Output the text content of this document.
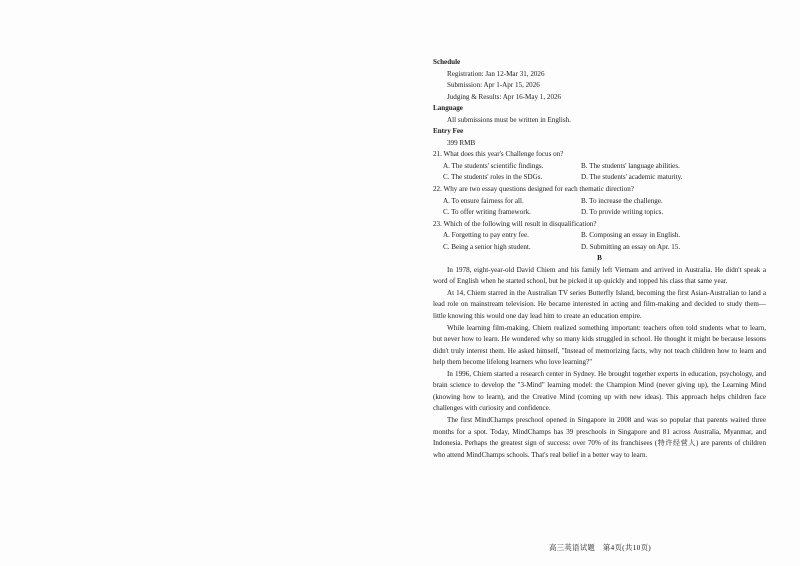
Schedule
Registration: Jan 12-Mar 31, 2026
Submission: Apr 1-Apr 15, 2026
Judging & Results: Apr 16-May 1, 2026
Language
All submissions must be written in English.
Entry Fee
399 RMB
21. What does this year's Challenge focus on?
A. The students' scientific findings.	B. The students' language abilities.
C. The students' roles in the SDGs.	D. The students' academic maturity.
22. Why are two essay questions designed for each thematic direction?
A. To ensure fairness for all.	B. To increase the challenge.
C. To offer writing framework.	D. To provide writing topics.
23. Which of the following will result in disqualification?
A. Forgetting to pay entry fee.	B. Composing an essay in English.
C. Being a senior high student.	D. Submitting an essay on Apr. 15.
B
In 1978, eight-year-old David Chiem and his family left Vietnam and arrived in Australia. He didn't speak a word of English when he started school, but he picked it up quickly and topped his class that same year.
At 14, Chiem starred in the Australian TV series Butterfly Island, becoming the first Asian-Australian to land a lead role on mainstream television. He became interested in acting and film-making and decided to study them—little knowing this would one day lead him to create an education empire.
While learning film-making, Chiem realized something important: teachers often told students what to learn, but never how to learn. He wondered why so many kids struggled in school. He thought it might be because lessons didn't truly interest them. He asked himself, "Instead of memorizing facts, why not teach children how to learn and help them become lifelong learners who love learning?"
In 1996, Chiem started a research center in Sydney. He brought together experts in education, psychology, and brain science to develop the "3-Mind" learning model: the Champion Mind (never giving up), the Learning Mind (knowing how to learn), and the Creative Mind (coming up with new ideas). This approach helps children face challenges with curiosity and confidence.
The first MindChamps preschool opened in Singapore in 2008 and was so popular that parents waited three months for a spot. Today, MindChamps has 39 preschools in Singapore and 81 across Australia, Myanmar, and Indonesia. Perhaps the greatest sign of success: over 70% of its franchisees (特许经营人) are parents of children who attend MindChamps schools. That's real belief in a better way to learn.
高三英语试题　第4页(共10页)
